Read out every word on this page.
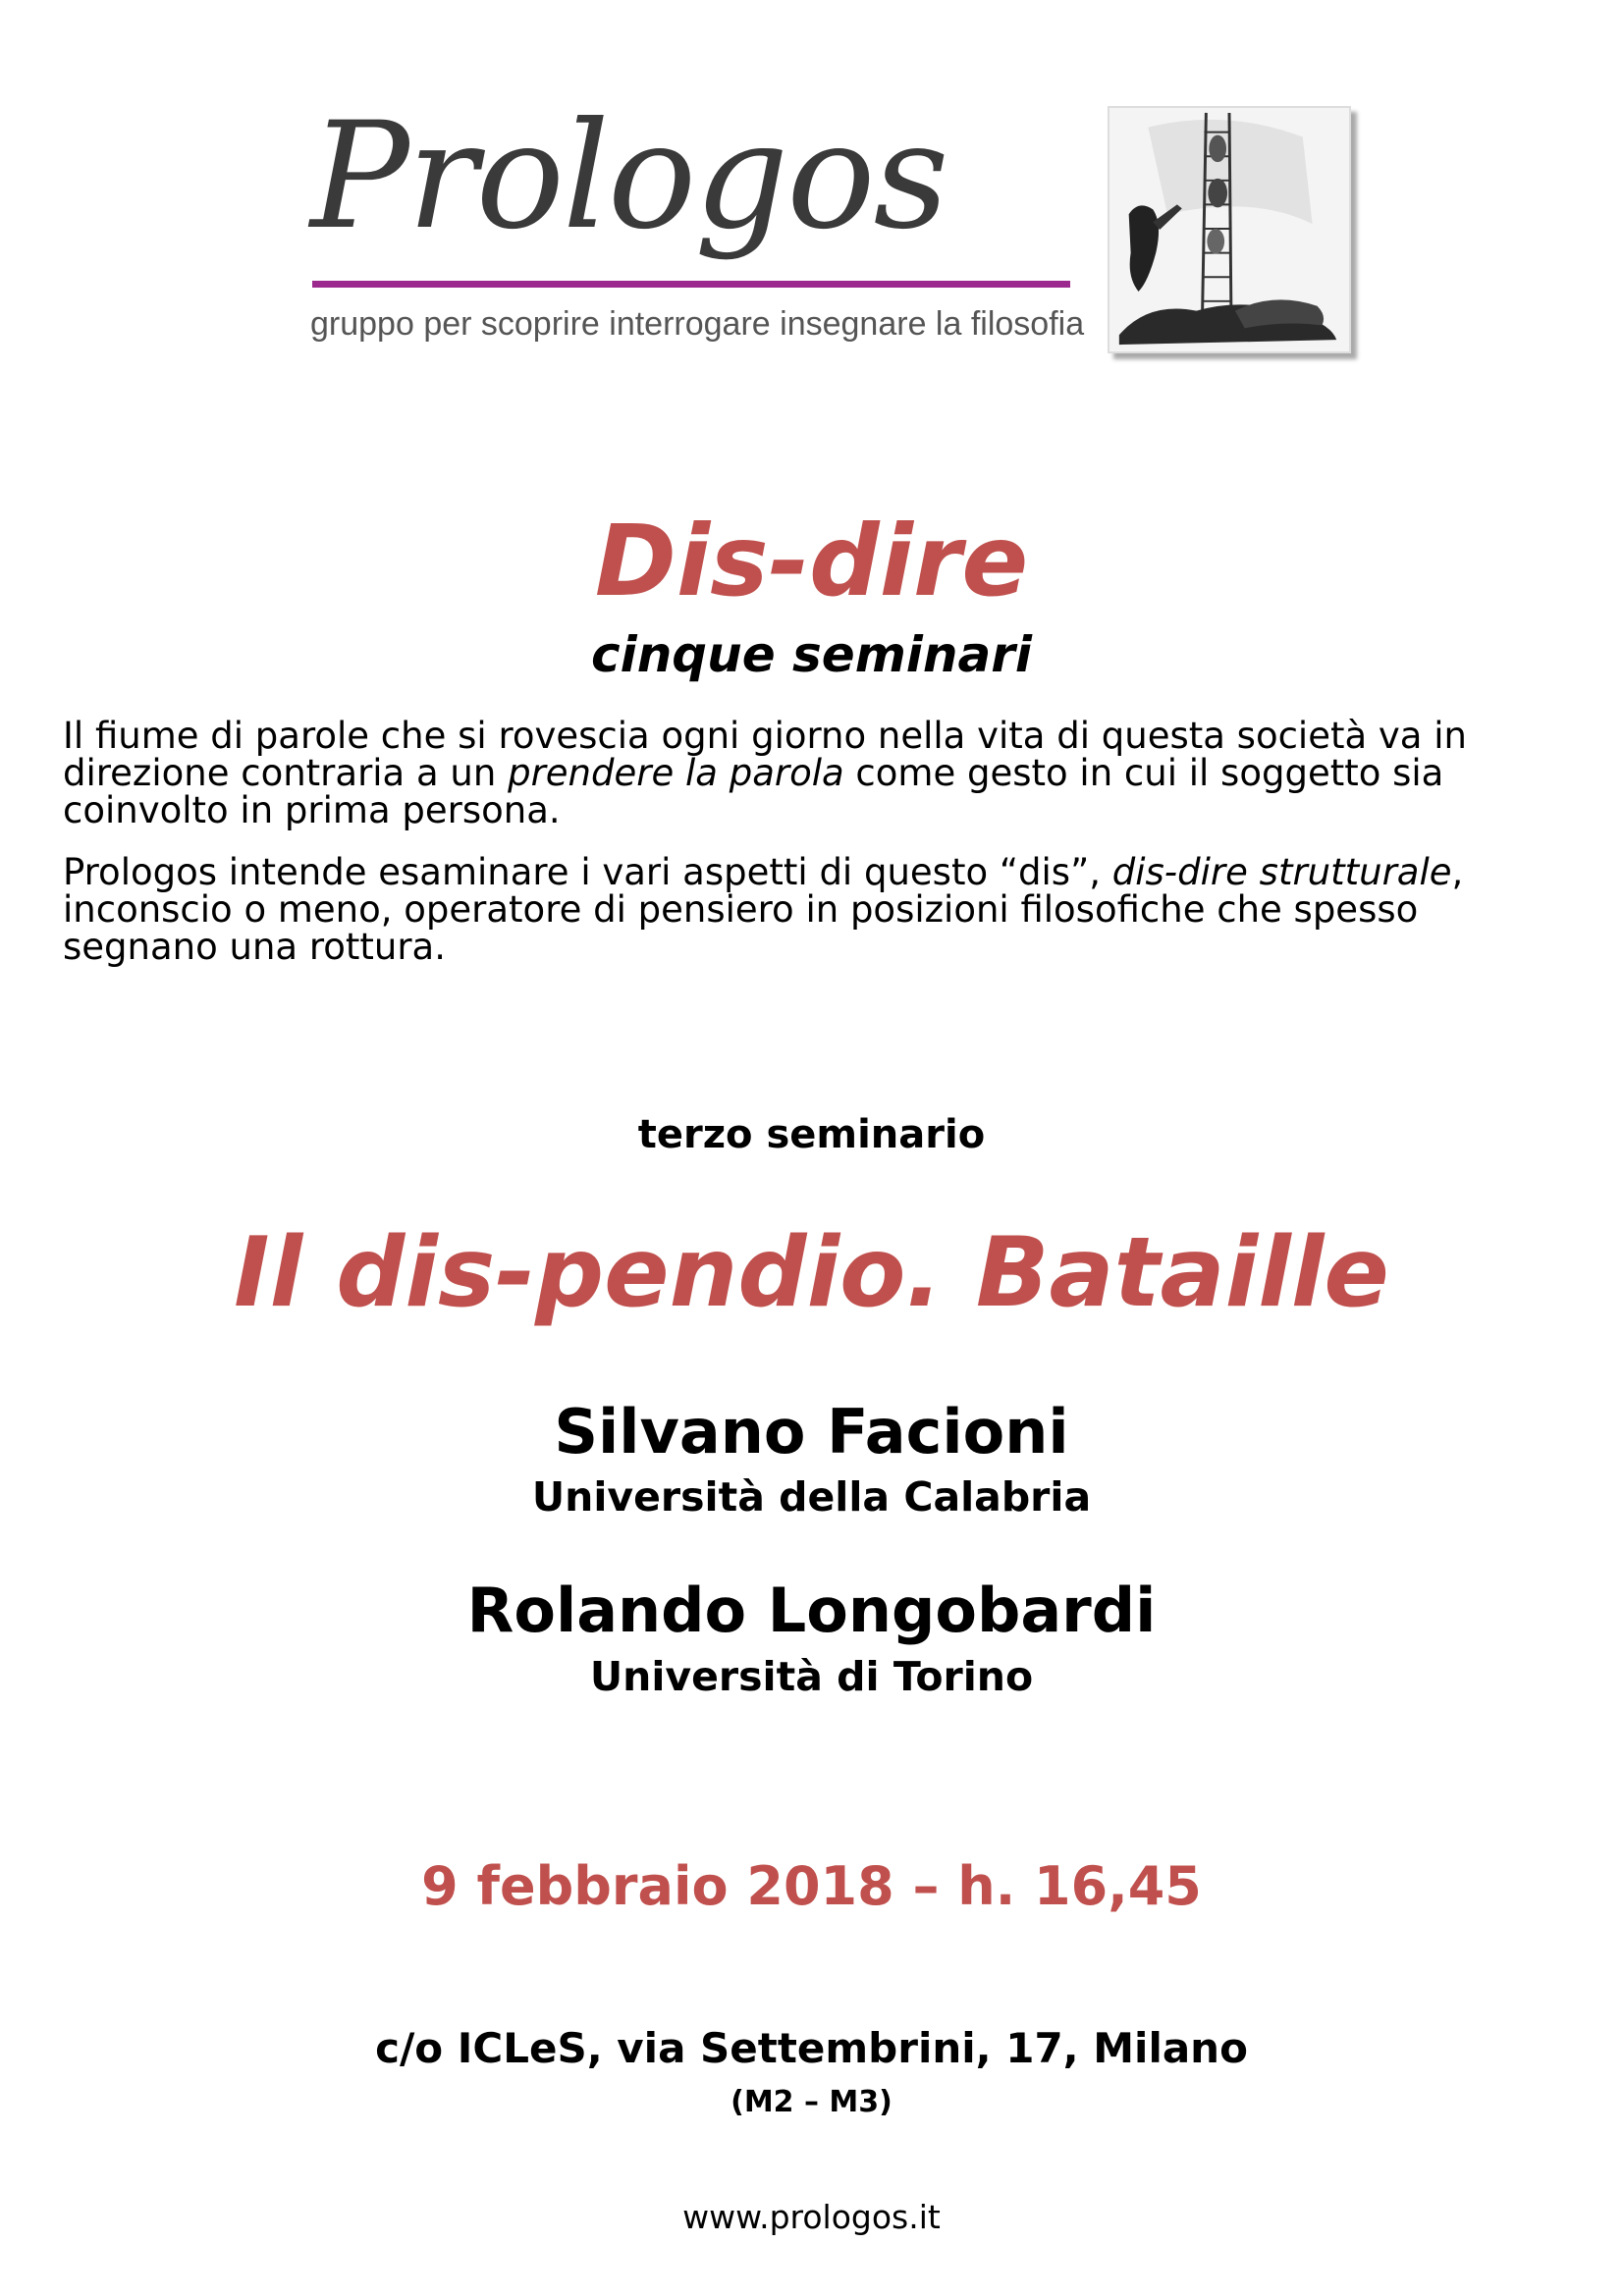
Prologos
gruppo per scoprire interrogare insegnare la filosofia
Dis-dire
cinque seminari

Il fiume di parole che si rovescia ogni giorno nella vita di questa società va in direzione contraria a un prendere la parola come gesto in cui il soggetto sia coinvolto in prima persona.

Prologos intende esaminare i vari aspetti di questo “dis”, dis-dire strutturale, inconscio o meno, operatore di pensiero in posizioni filosofiche che spesso segnano una rottura.

terzo seminario
Il dis-pendio. Bataille
Silvano Facioni
Università della Calabria
Rolando Longobardi
Università di Torino
9 febbraio 2018 – h. 16,45
c/o ICLeS, via Settembrini, 17, Milano
(M2 – M3)
www.prologos.it
